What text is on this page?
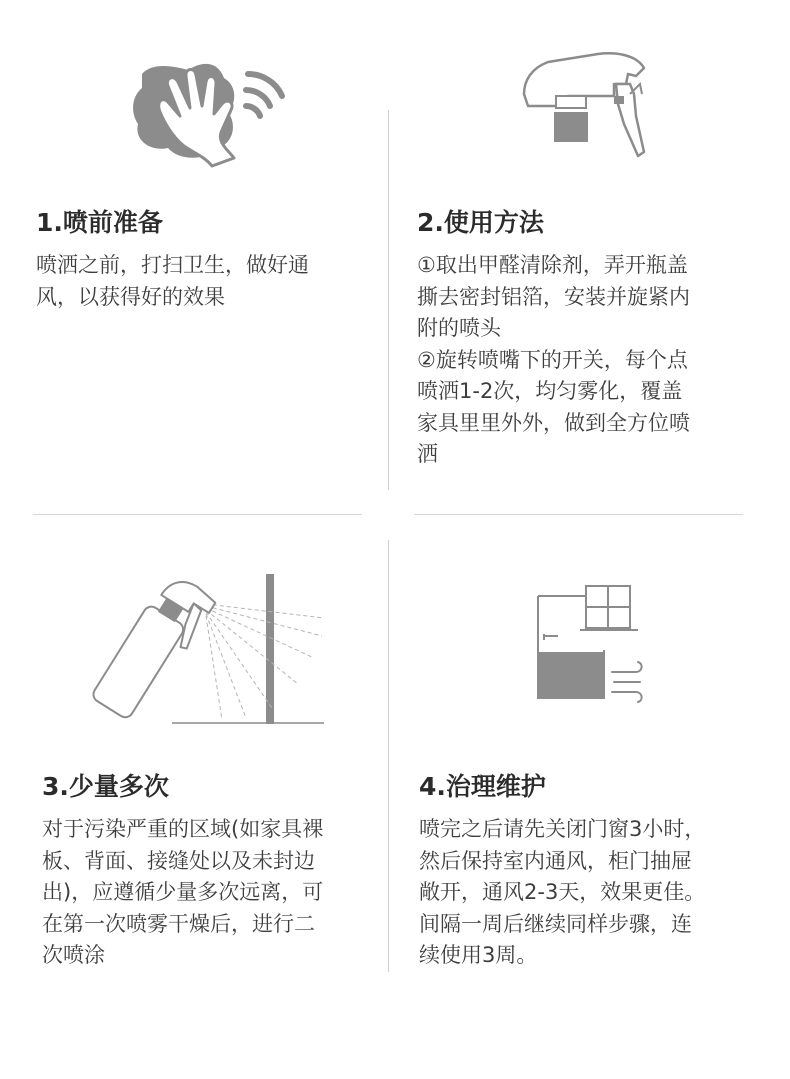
1.喷前准备

喷洒之前，打扫卫生，做好通

风，以获得好的效果

2.使用方法

①取出甲醛清除剂，弄开瓶盖

撕去密封铝箔，安装并旋紧内

附的喷头

②旋转喷嘴下的开关，每个点

喷洒1-2次，均匀雾化，覆盖

家具里里外外，做到全方位喷

洒

3.少量多次

对于污染严重的区域(如家具裸

板、背面、接缝处以及未封边

出)，应遵循少量多次远离，可

在第一次喷雾干燥后，进行二

次喷涂

4.治理维护

喷完之后请先关闭门窗3小时，

然后保持室内通风，柜门抽屉

敞开，通风2-3天，效果更佳。

间隔一周后继续同样步骤，连

续使用3周。
